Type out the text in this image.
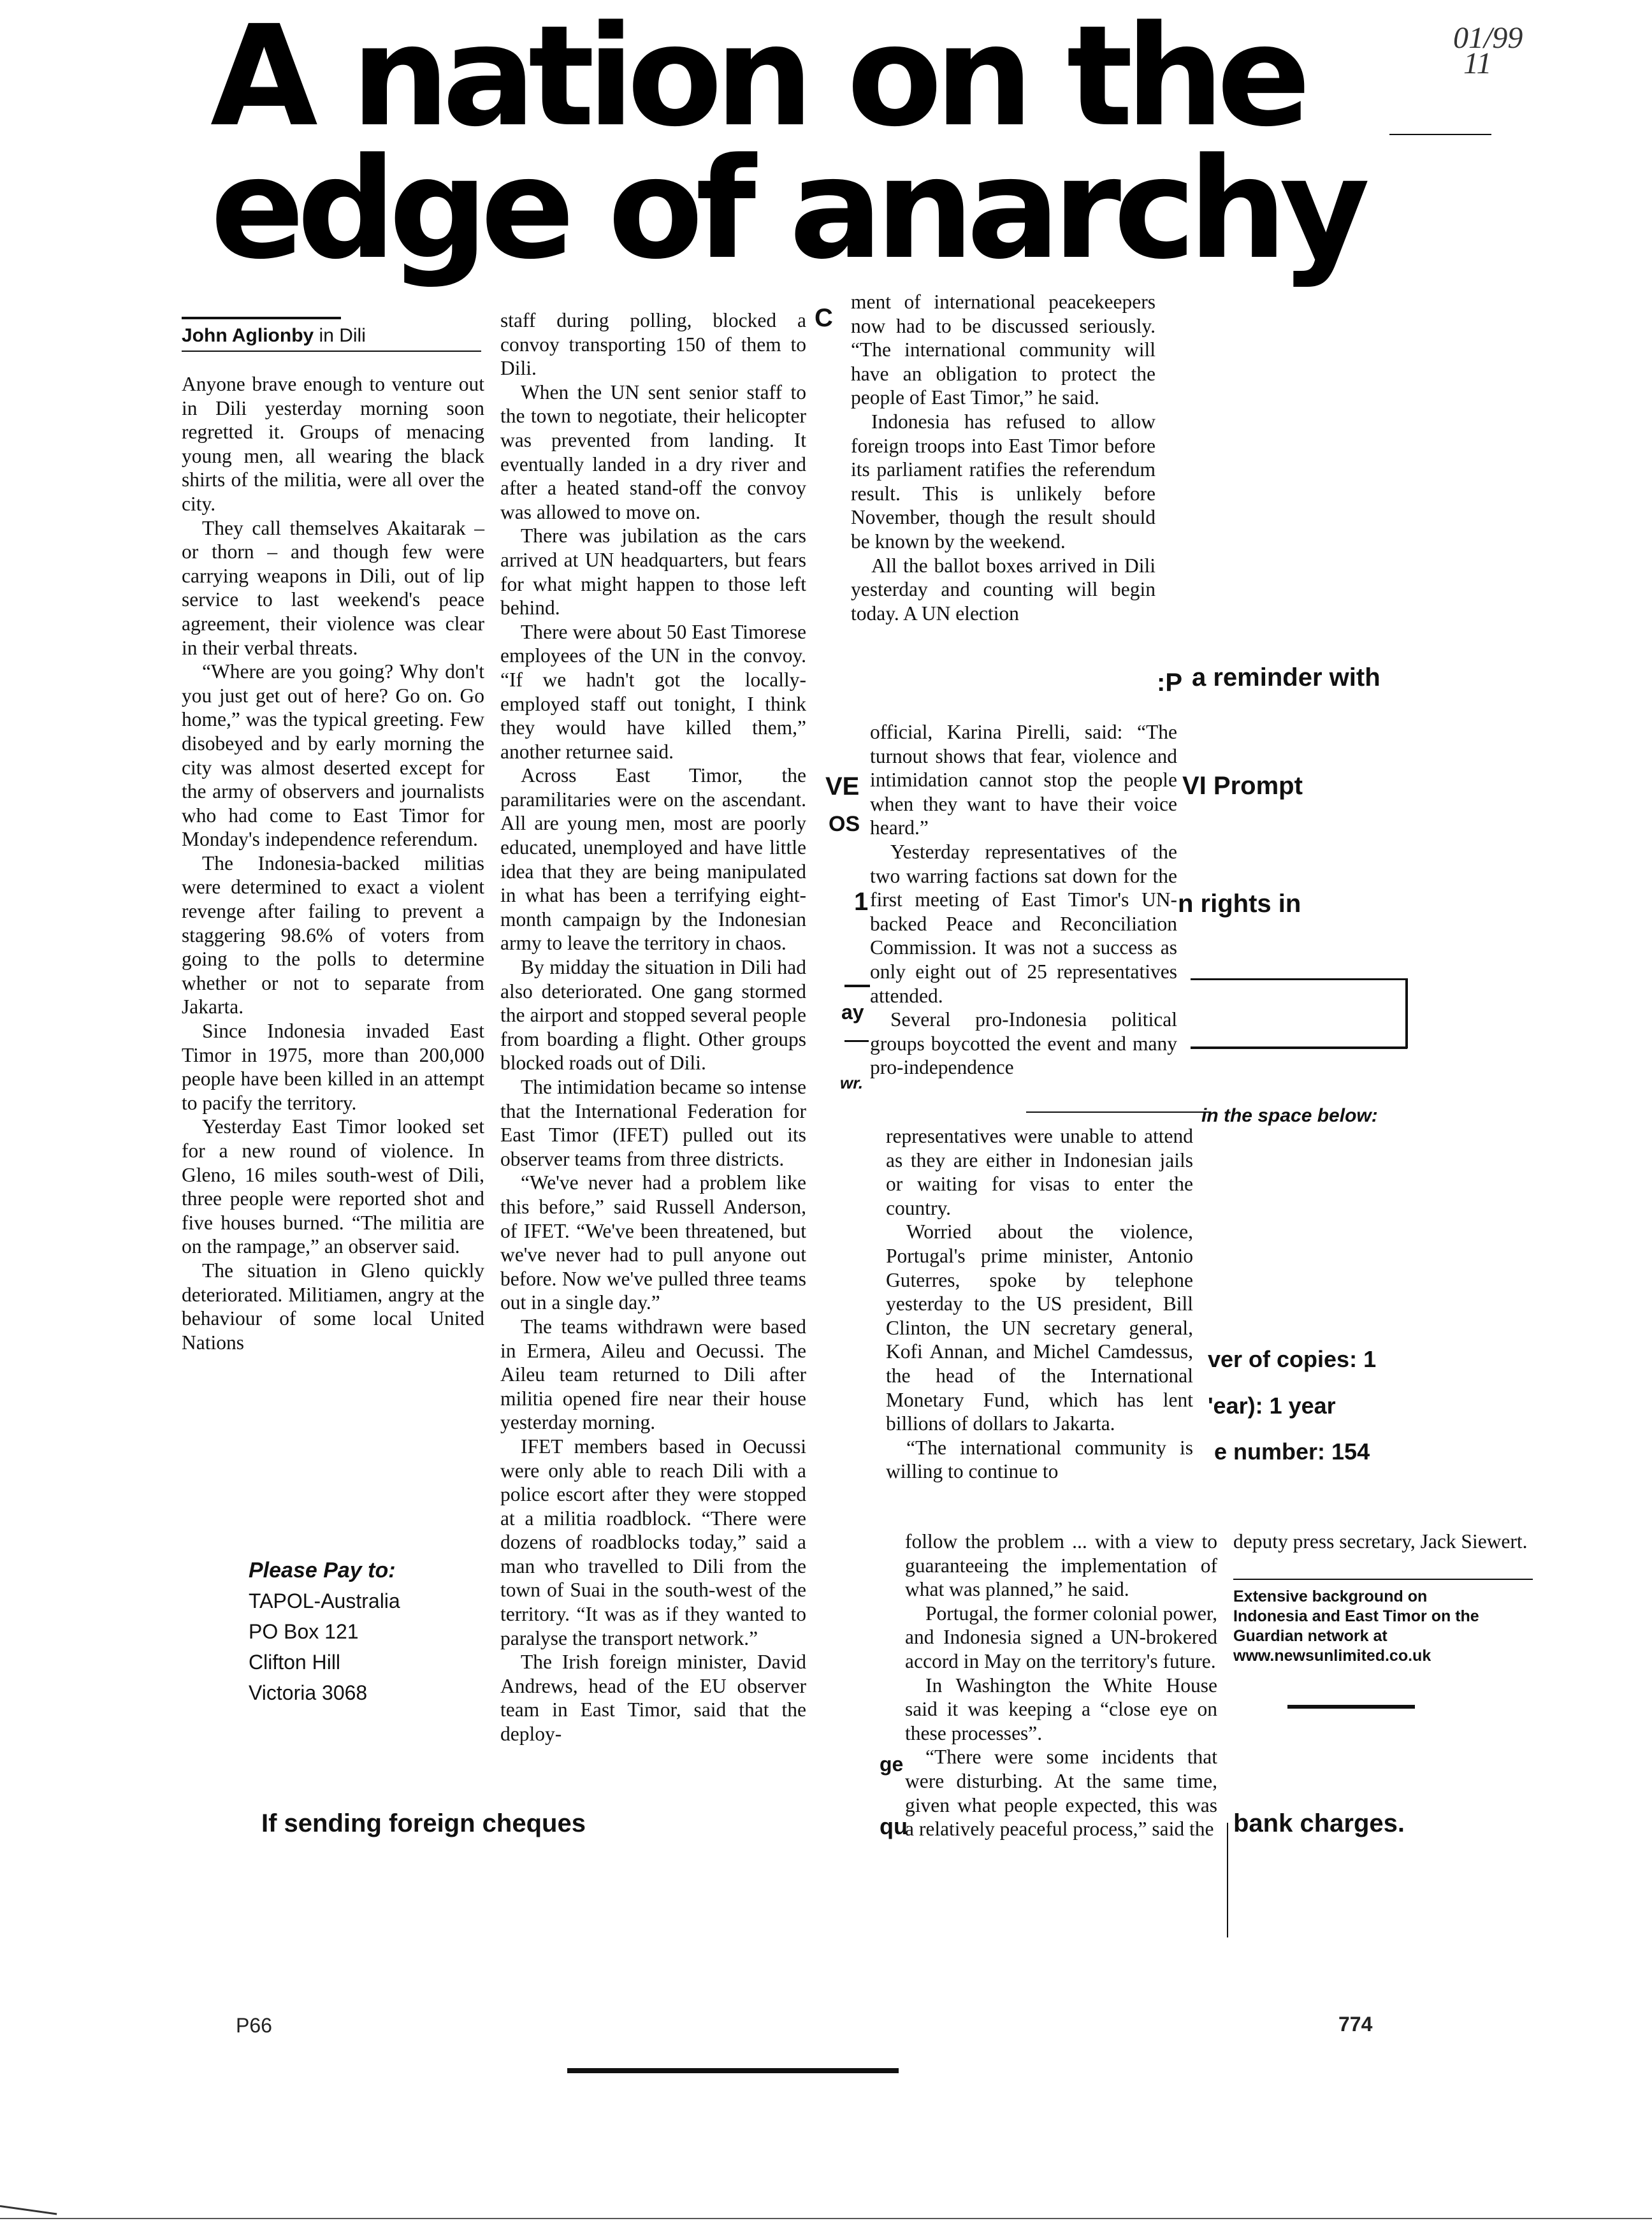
01/99
11
A nation on the
edge of anarchy
John Aglionby in Dili

Anyone brave enough to venture out in Dili yesterday morning soon regretted it. Groups of menacing young men, all wearing the black shirts of the militia, were all over the city.

They call themselves Akaitarak – or thorn – and though few were carrying weapons in Dili, out of lip service to last weekend's peace agreement, their violence was clear in their verbal threats.

“Where are you going? Why don't you just get out of here? Go on. Go home,” was the typical greeting. Few disobeyed and by early morning the city was almost deserted except for the army of observers and journalists who had come to East Timor for Monday's independence referendum.

The Indonesia-backed militias were determined to exact a violent revenge after failing to prevent a staggering 98.6% of voters from going to the polls to determine whether or not to separate from Jakarta.

Since Indonesia invaded East Timor in 1975, more than 200,000 people have been killed in an attempt to pacify the territory.

Yesterday East Timor looked set for a new round of violence. In Gleno, 16 miles south-west of Dili, three people were reported shot and five houses burned. “The militia are on the rampage,” an observer said.

The situation in Gleno quickly deteriorated. Militiamen, angry at the behaviour of some local United Nations

staff during polling, blocked a convoy transporting 150 of them to Dili.

When the UN sent senior staff to the town to negotiate, their helicopter was prevented from landing. It eventually landed in a dry river and after a heated stand-off the convoy was allowed to move on.

There was jubilation as the cars arrived at UN headquarters, but fears for what might happen to those left behind.

There were about 50 East Timorese employees of the UN in the convoy. “If we hadn't got the locally-employed staff out tonight, I think they would have killed them,” another returnee said.

Across East Timor, the paramilitaries were on the ascendant. All are young men, most are poorly educated, unemployed and have little idea that they are being manipulated in what has been a terrifying eight-month campaign by the Indonesian army to leave the territory in chaos.

By midday the situation in Dili had also deteriorated. One gang stormed the airport and stopped several people from boarding a flight. Other groups blocked roads out of Dili.

The intimidation became so intense that the International Federation for East Timor (IFET) pulled out its observer teams from three districts.

“We've never had a problem like this before,” said Russell Anderson, of IFET. “We've been threatened, but we've never had to pull anyone out before. Now we've pulled three teams out in a single day.”

The teams withdrawn were based in Ermera, Aileu and Oecussi. The Aileu team returned to Dili after militia opened fire near their house yesterday morning.

IFET members based in Oecussi were only able to reach Dili with a police escort after they were stopped at a militia roadblock. “There were dozens of roadblocks today,” said a man who travelled to Dili from the town of Suai in the south-west of the territory. “It was as if they wanted to paralyse the transport network.”

The Irish foreign minister, David Andrews, head of the EU observer team in East Timor, said that the deploy-

ment of international peacekeepers now had to be discussed seriously. “The international community will have an obligation to protect the people of East Timor,” he said.

Indonesia has refused to allow foreign troops into East Timor before its parliament ratifies the referendum result. This is unlikely before November, though the result should be known by the weekend.

All the ballot boxes arrived in Dili yesterday and counting will begin today. A UN election

official, Karina Pirelli, said: “The turnout shows that fear, violence and intimidation cannot stop the people when they want to have their voice heard.”

Yesterday representatives of the two warring factions sat down for the first meeting of East Timor's UN-backed Peace and Reconciliation Commission. It was not a success as only eight out of 25 representatives attended.

Several pro-Indonesia political groups boycotted the event and many pro-independence

representatives were unable to attend as they are either in Indonesian jails or waiting for visas to enter the country.

Worried about the violence, Portugal's prime minister, Antonio Guterres, spoke by telephone yesterday to the US president, Bill Clinton, the UN secretary general, Kofi Annan, and Michel Camdessus, the head of the International Monetary Fund, which has lent billions of dollars to Jakarta.

“The international community is willing to continue to

follow the problem ... with a view to guaranteeing the implementation of what was planned,” he said.

Portugal, the former colonial power, and Indonesia signed a UN-brokered accord in May on the territory's future.

In Washington the White House said it was keeping a “close eye on these processes”.

“There were some incidents that were disturbing. At the same time, given what people expected, this was a relatively peaceful process,” said the

deputy press secretary, Jack Siewert.

Extensive background on
Indonesia and East Timor on the
Guardian network at
www.newsunlimited.co.uk
C
:P a reminder with
VE	VI Prompt
OS
1	n rights in
ay
wr.
in the space below:
ver of copies: 1
'ear): 1 year
e number: 154
ge
qu
If sending foreign cheques	bank charges.
Please Pay to:
TAPOL-Australia
PO Box 121
Clifton Hill
Victoria 3068
P66	774
